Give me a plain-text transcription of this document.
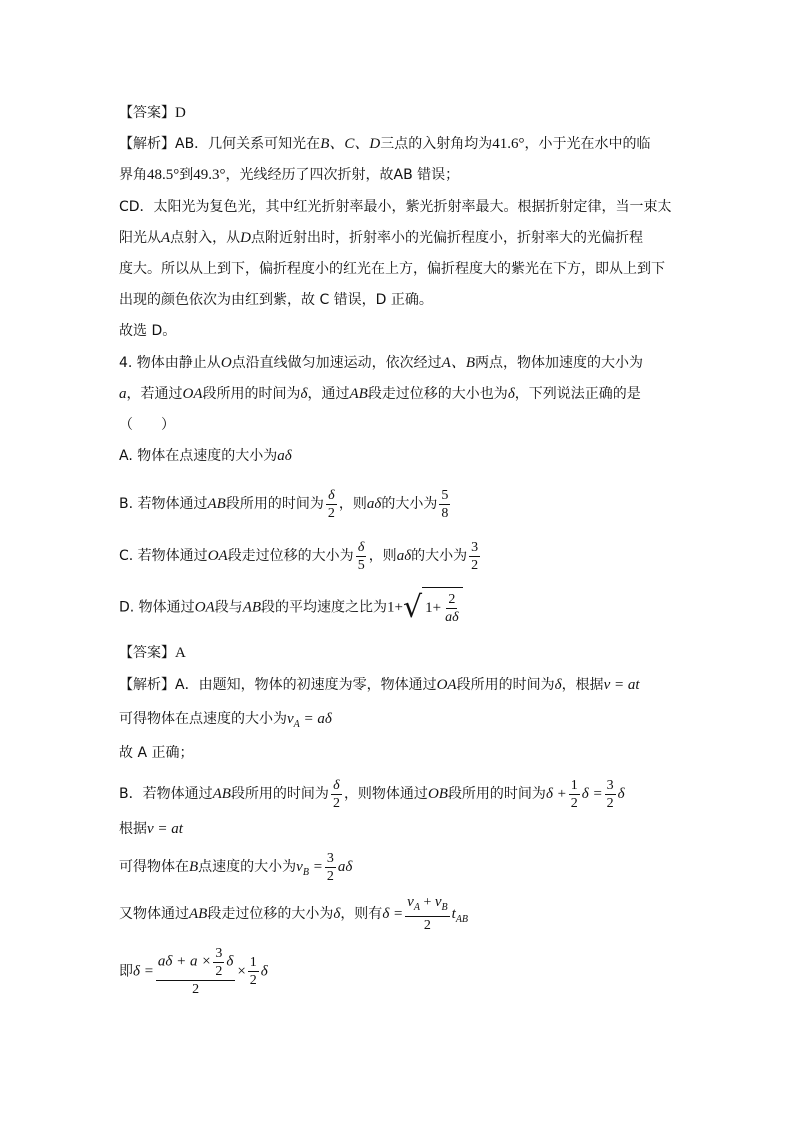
【答案】D
【解析】AB．几何关系可知光在B、C、D三点的入射角均为41.6°，小于光在水中的临
界角48.5°到49.3°，光线经历了四次折射，故AB 错误；
CD．太阳光为复色光，其中红光折射率最小，紫光折射率最大。根据折射定律，当一束太
阳光从A点射入，从D点附近射出时，折射率小的光偏折程度小，折射率大的光偏折程
度大。所以从上到下，偏折程度小的红光在上方，偏折程度大的紫光在下方，即从上到下
出现的颜色依次为由红到紫，故 C 错误，D 正确。
故选 D。
4. 物体由静止从O点沿直线做匀加速运动，依次经过A、B两点，物体加速度的大小为
a，若通过OA段所用的时间为δ，通过AB段走过位移的大小也为δ，下列说法正确的是
（　　）
A. 物体在点速度的大小为aδ
B. 若物体通过AB段所用的时间为 $\frac{\delta}{2}$ ，则aδ的大小为 $\frac{5}{8}$
C. 若物体通过OA段走过位移的大小为 $\frac{\delta}{5}$ ，则aδ的大小为 $\frac{3}{2}$
D. 物体通过OA段与AB段的平均速度之比为1+ √ $1+ \frac{2}{a\delta}$
【答案】A
【解析】A．由题知，物体的初速度为零，物体通过OA段所用的时间为δ，根据v = at
可得物体在点速度的大小为$v_A = a\delta$
故 A 正确；
B．若物体通过AB段所用的时间为 $\frac{\delta}{2}$ ，则物体通过OB段所用的时间为$\delta + \frac{1}{2}$ $\delta = \frac{3}{2}$ δ
根据v = at
可得物体在B点速度的大小为$v_B = \frac{3}{2}$ aδ
又物体通过AB段走过位移的大小为δ，则有$\delta = \frac{v_A + v_B}{2} t_{AB}$
即$\delta = \frac{a\delta + a \times \frac{3}{2} \delta}{2} \times \frac{1}{2}$ δ
